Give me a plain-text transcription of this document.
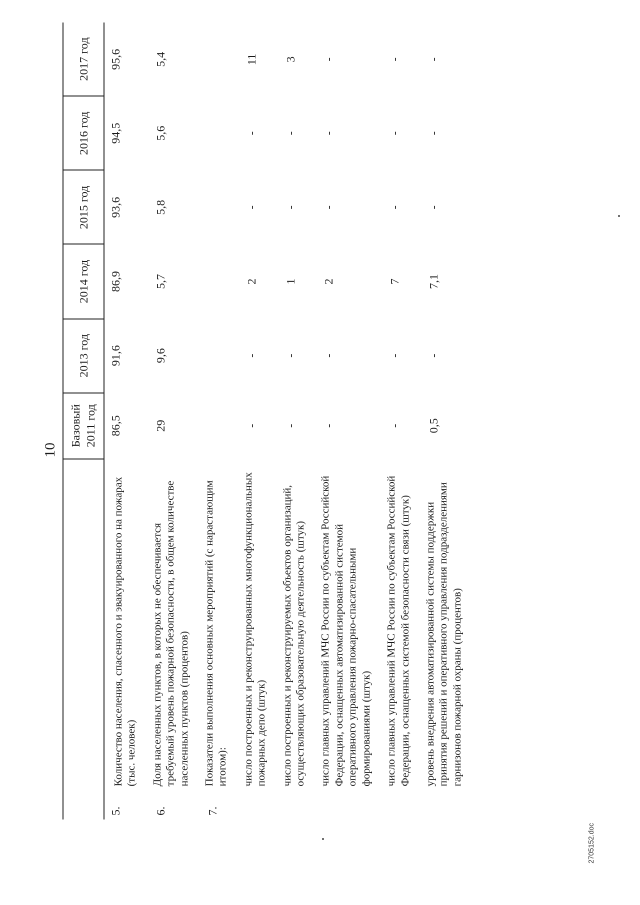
10
		Базовый 2011 год	2013 год	2014 год	2015 год	2016 год	2017 год
5.	Количество населения, спасенного и эвакуированного на пожарах (тыс. человек)	86,5	91,6	86,9	93,6	94,5	95,6
6.	Доля населенных пунктов, в которых не обеспечивается требуемый уровень пожарной безопасности, в общем количестве населенных пунктов (процентов)	29	9,6	5,7	5,8	5,6	5,4
7.	Показатели выполнения основных мероприятий (с нарастающим итогом):						
	число построенных и реконструированных многофункциональных пожарных депо (штук)	-	-	2	-	-	11
	число построенных и реконструируемых объектов организаций, осуществляющих образовательную деятельность (штук)	-	-	1	-	-	3
	число главных управлений МЧС России по субъектам Российской Федерации, оснащенных автоматизированной системой оперативного управления пожарно-спасательными формированиями (штук)	-	-	2	-	-	-
	число главных управлений МЧС России по субъектам Российской Федерации, оснащенных системой безопасности связи (штук)	-	-	7	-	-	-
	уровень внедрения автоматизированной системы поддержки принятия решений и оперативного управления подразделениями гарнизонов пожарной охраны (процентов)	0,5	-	7,1	-	-	-
2705152.doc
